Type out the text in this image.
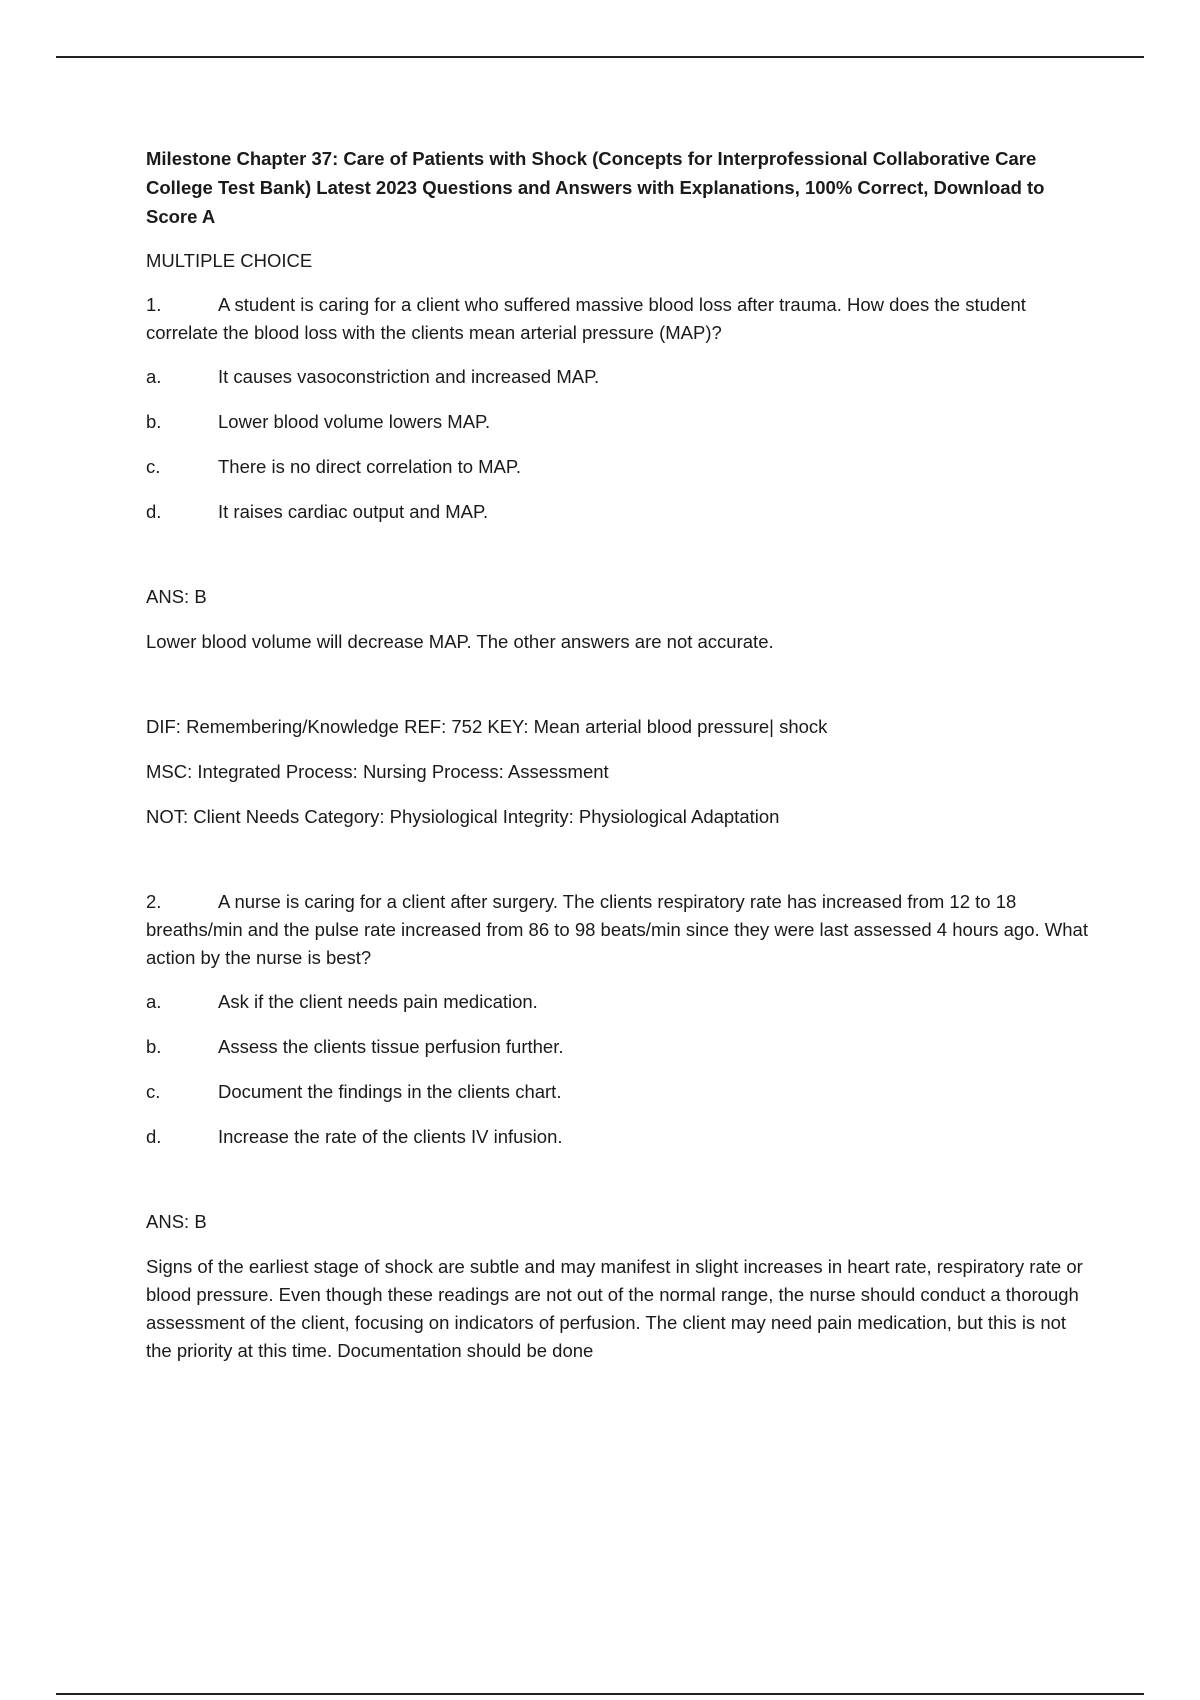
Milestone Chapter 37: Care of Patients with Shock (Concepts for Interprofessional Collaborative Care College Test Bank) Latest 2023 Questions and Answers with Explanations, 100% Correct, Download to Score A
MULTIPLE CHOICE
1.	A student is caring for a client who suffered massive blood loss after trauma. How does the student correlate the blood loss with the clients mean arterial pressure (MAP)?
a.	It causes vasoconstriction and increased MAP.
b.	Lower blood volume lowers MAP.
c.	There is no direct correlation to MAP.
d.	It raises cardiac output and MAP.
ANS: B
Lower blood volume will decrease MAP. The other answers are not accurate.
DIF: Remembering/Knowledge REF: 752 KEY: Mean arterial blood pressure| shock
MSC: Integrated Process: Nursing Process: Assessment
NOT: Client Needs Category: Physiological Integrity: Physiological Adaptation
2.	A nurse is caring for a client after surgery. The clients respiratory rate has increased from 12 to 18 breaths/min and the pulse rate increased from 86 to 98 beats/min since they were last assessed 4 hours ago. What action by the nurse is best?
a.	Ask if the client needs pain medication.
b.	Assess the clients tissue perfusion further.
c.	Document the findings in the clients chart.
d.	Increase the rate of the clients IV infusion.
ANS: B
Signs of the earliest stage of shock are subtle and may manifest in slight increases in heart rate, respiratory rate or blood pressure. Even though these readings are not out of the normal range, the nurse should conduct a thorough assessment of the client, focusing on indicators of perfusion. The client may need pain medication, but this is not the priority at this time. Documentation should be done
